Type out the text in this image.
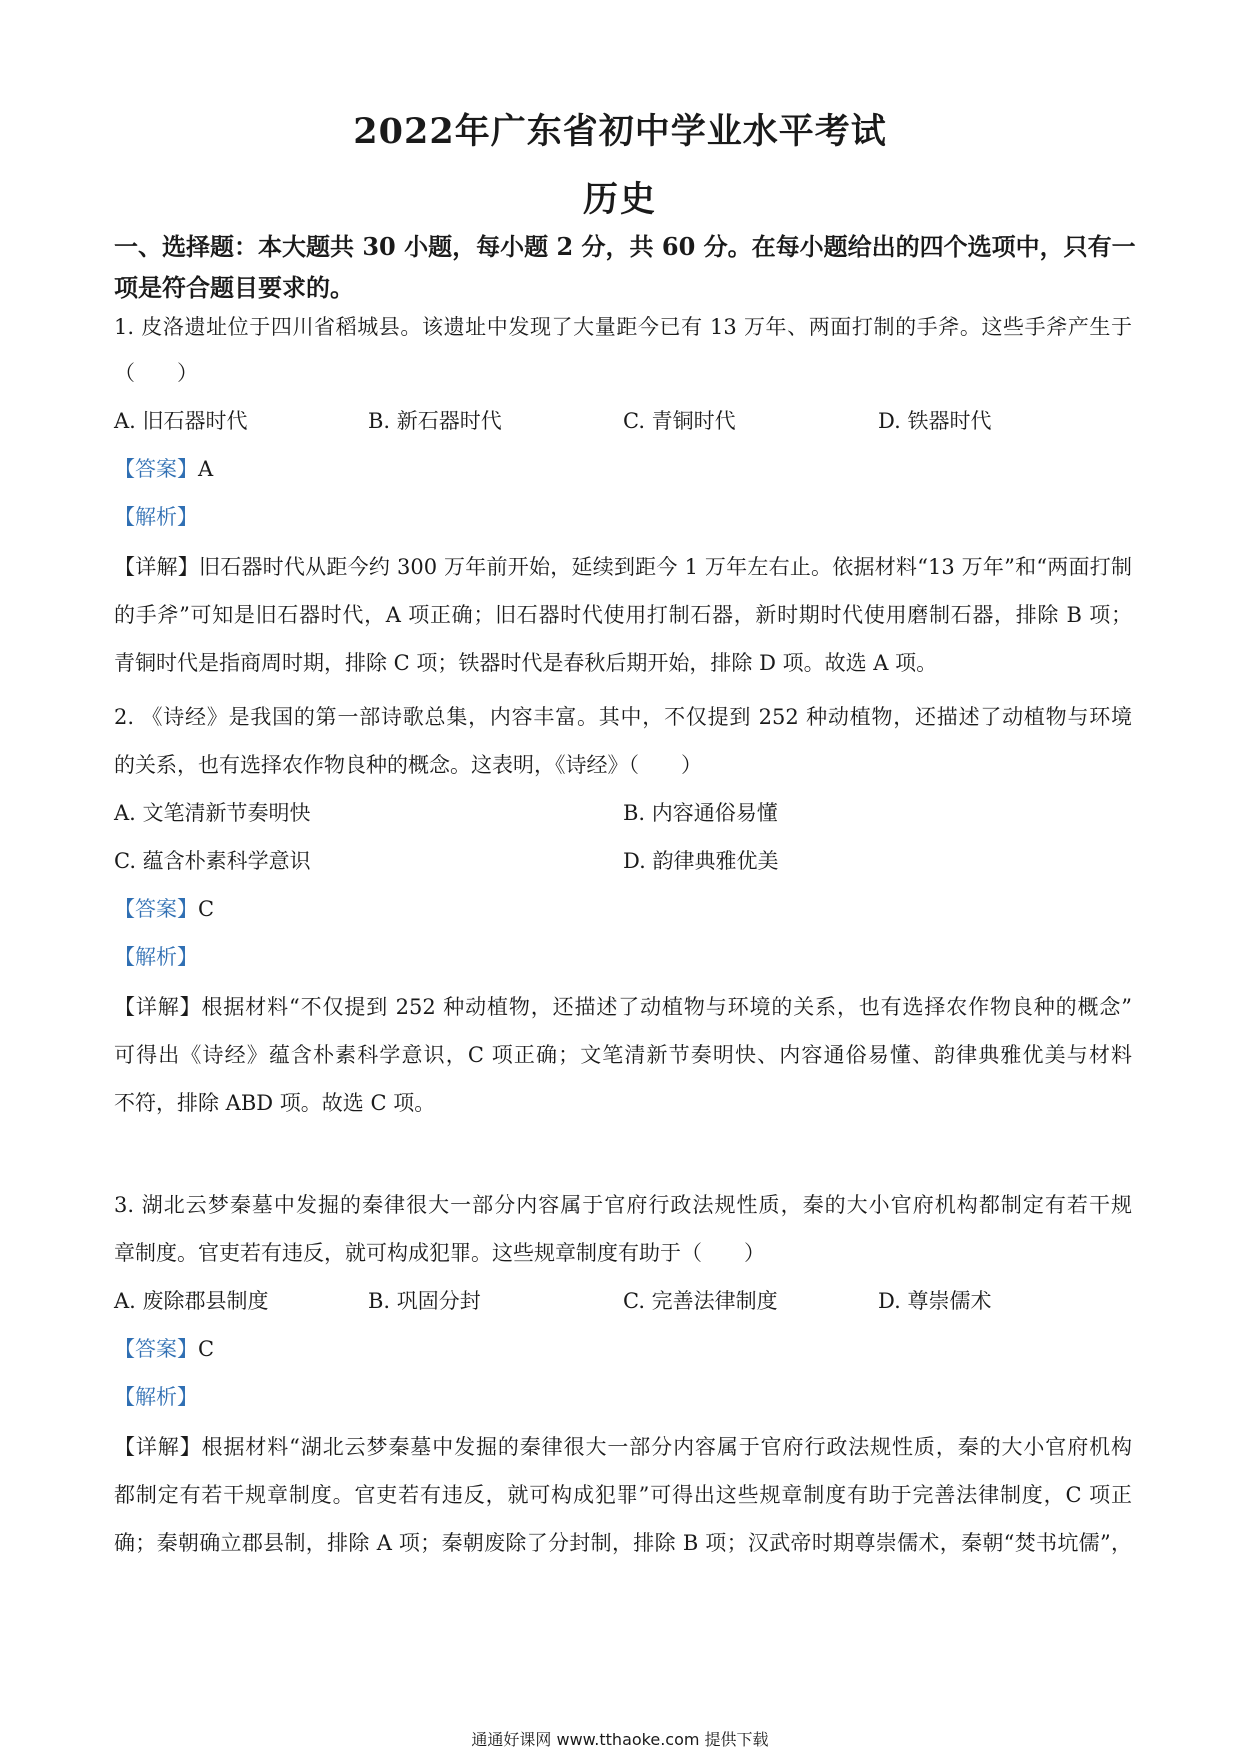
2022年广东省初中学业水平考试
历史
一、选择题：本大题共 30 小题，每小题 2 分，共 60 分。在每小题给出的四个选项中，只有一项是符合题目要求的。
1. 皮洛遗址位于四川省稻城县。该遗址中发现了大量距今已有 13 万年、两面打制的手斧。这些手斧产生于
（　　）
A. 旧石器时代	B. 新石器时代	C. 青铜时代	D. 铁器时代
【答案】A
【解析】
【详解】旧石器时代从距今约 300 万年前开始，延续到距今 1 万年左右止。依据材料“13 万年”和“两面打制
的手斧”可知是旧石器时代，A 项正确；旧石器时代使用打制石器，新时期时代使用磨制石器，排除 B 项；
青铜时代是指商周时期，排除 C 项；铁器时代是春秋后期开始，排除 D 项。故选 A 项。
2. 《诗经》是我国的第一部诗歌总集，内容丰富。其中，不仅提到 252 种动植物，还描述了动植物与环境
的关系，也有选择农作物良种的概念。这表明，《诗经》（　　）
A. 文笔清新节奏明快	B. 内容通俗易懂
C. 蕴含朴素科学意识	D. 韵律典雅优美
【答案】C
【解析】
【详解】根据材料“不仅提到 252 种动植物，还描述了动植物与环境的关系，也有选择农作物良种的概念”
可得出《诗经》蕴含朴素科学意识，C 项正确；文笔清新节奏明快、内容通俗易懂、韵律典雅优美与材料
不符，排除 ABD 项。故选 C 项。
3. 湖北云梦秦墓中发掘的秦律很大一部分内容属于官府行政法规性质，秦的大小官府机构都制定有若干规
章制度。官吏若有违反，就可构成犯罪。这些规章制度有助于（　　）
A. 废除郡县制度	B. 巩固分封	C. 完善法律制度	D. 尊崇儒术
【答案】C
【解析】
【详解】根据材料“湖北云梦秦墓中发掘的秦律很大一部分内容属于官府行政法规性质，秦的大小官府机构
都制定有若干规章制度。官吏若有违反，就可构成犯罪”可得出这些规章制度有助于完善法律制度，C 项正
确；秦朝确立郡县制，排除 A 项；秦朝废除了分封制，排除 B 项；汉武帝时期尊崇儒术，秦朝“焚书坑儒”，
通通好课网 www.tthaoke.com 提供下载
